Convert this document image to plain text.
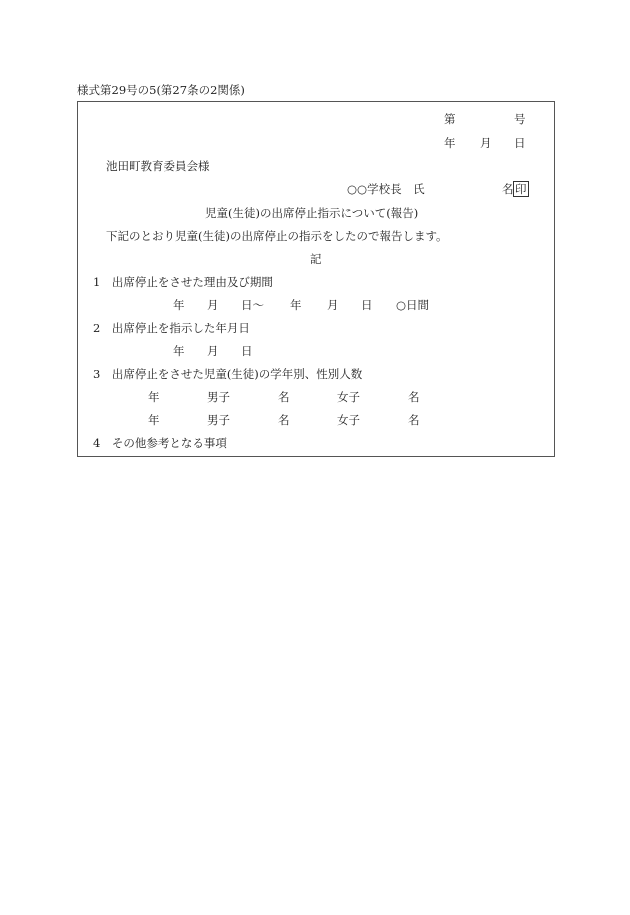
様式第29号の5(第27条の2関係)
第	号
年 月 日
池田町教育委員会様
○○学校長　氏	名 印
児童(生徒)の出席停止指示について(報告)
下記のとおり児童(生徒)の出席停止の指示をしたので報告します。
記
1　出席停止をさせた理由及び期間
年 月 日〜 年 月 日 ○日間
2　出席停止を指示した年月日
年 月 日
3　出席停止をさせた児童(生徒)の学年別、性別人数
年	男子	名	女子	名
年	男子	名	女子	名
4　その他参考となる事項
